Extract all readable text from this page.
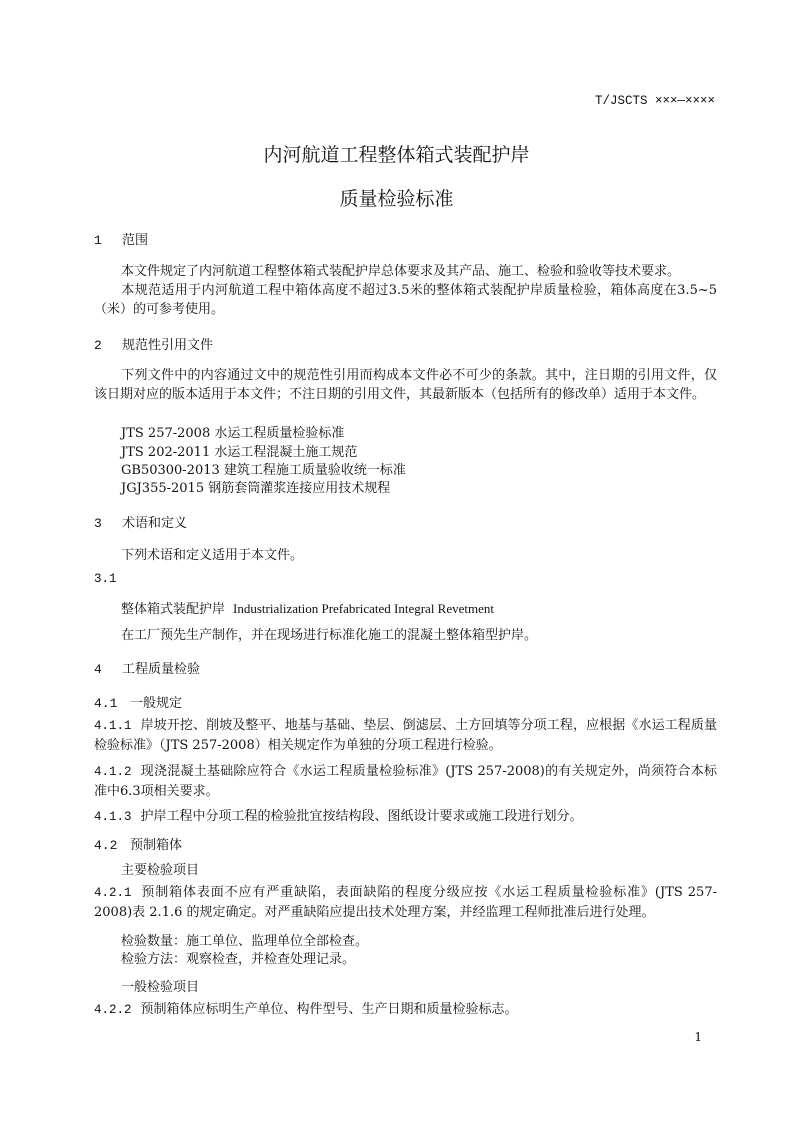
T/JSCTS ×××—××××
内河航道工程整体箱式装配护岸
质量检验标准
1 范围
本文件规定了内河航道工程整体箱式装配护岸总体要求及其产品、施工、检验和验收等技术要求。
本规范适用于内河航道工程中箱体高度不超过3.5米的整体箱式装配护岸质量检验，箱体高度在3.5~5（米）的可参考使用。
2 规范性引用文件
下列文件中的内容通过文中的规范性引用而构成本文件必不可少的条款。其中，注日期的引用文件，仅该日期对应的版本适用于本文件；不注日期的引用文件，其最新版本（包括所有的修改单）适用于本文件。
JTS 257-2008 水运工程质量检验标准
JTS 202-2011 水运工程混凝土施工规范
GB50300-2013 建筑工程施工质量验收统一标准
JGJ355-2015 钢筋套筒灌浆连接应用技术规程
3 术语和定义
下列术语和定义适用于本文件。
3.1
整体箱式装配护岸 Industrialization Prefabricated Integral Revetment
在工厂预先生产制作，并在现场进行标准化施工的混凝土整体箱型护岸。
4 工程质量检验
4.1 一般规定
4.1.1 岸坡开挖、削坡及整平、地基与基础、垫层、倒滤层、土方回填等分项工程，应根据《水运工程质量检验标准》（JTS 257-2008）相关规定作为单独的分项工程进行检验。
4.1.2 现浇混凝土基础除应符合《水运工程质量检验标准》(JTS 257-2008)的有关规定外，尚须符合本标准中6.3项相关要求。
4.1.3 护岸工程中分项工程的检验批宜按结构段、图纸设计要求或施工段进行划分。
4.2 预制箱体
主要检验项目
4.2.1 预制箱体表面不应有严重缺陷，表面缺陷的程度分级应按《水运工程质量检验标准》(JTS 257-2008)表 2.1.6 的规定确定。对严重缺陷应提出技术处理方案，并经监理工程师批准后进行处理。
检验数量：施工单位、监理单位全部检查。
检验方法：观察检查，并检查处理记录。
一般检验项目
4.2.2 预制箱体应标明生产单位、构件型号、生产日期和质量检验标志。
1
